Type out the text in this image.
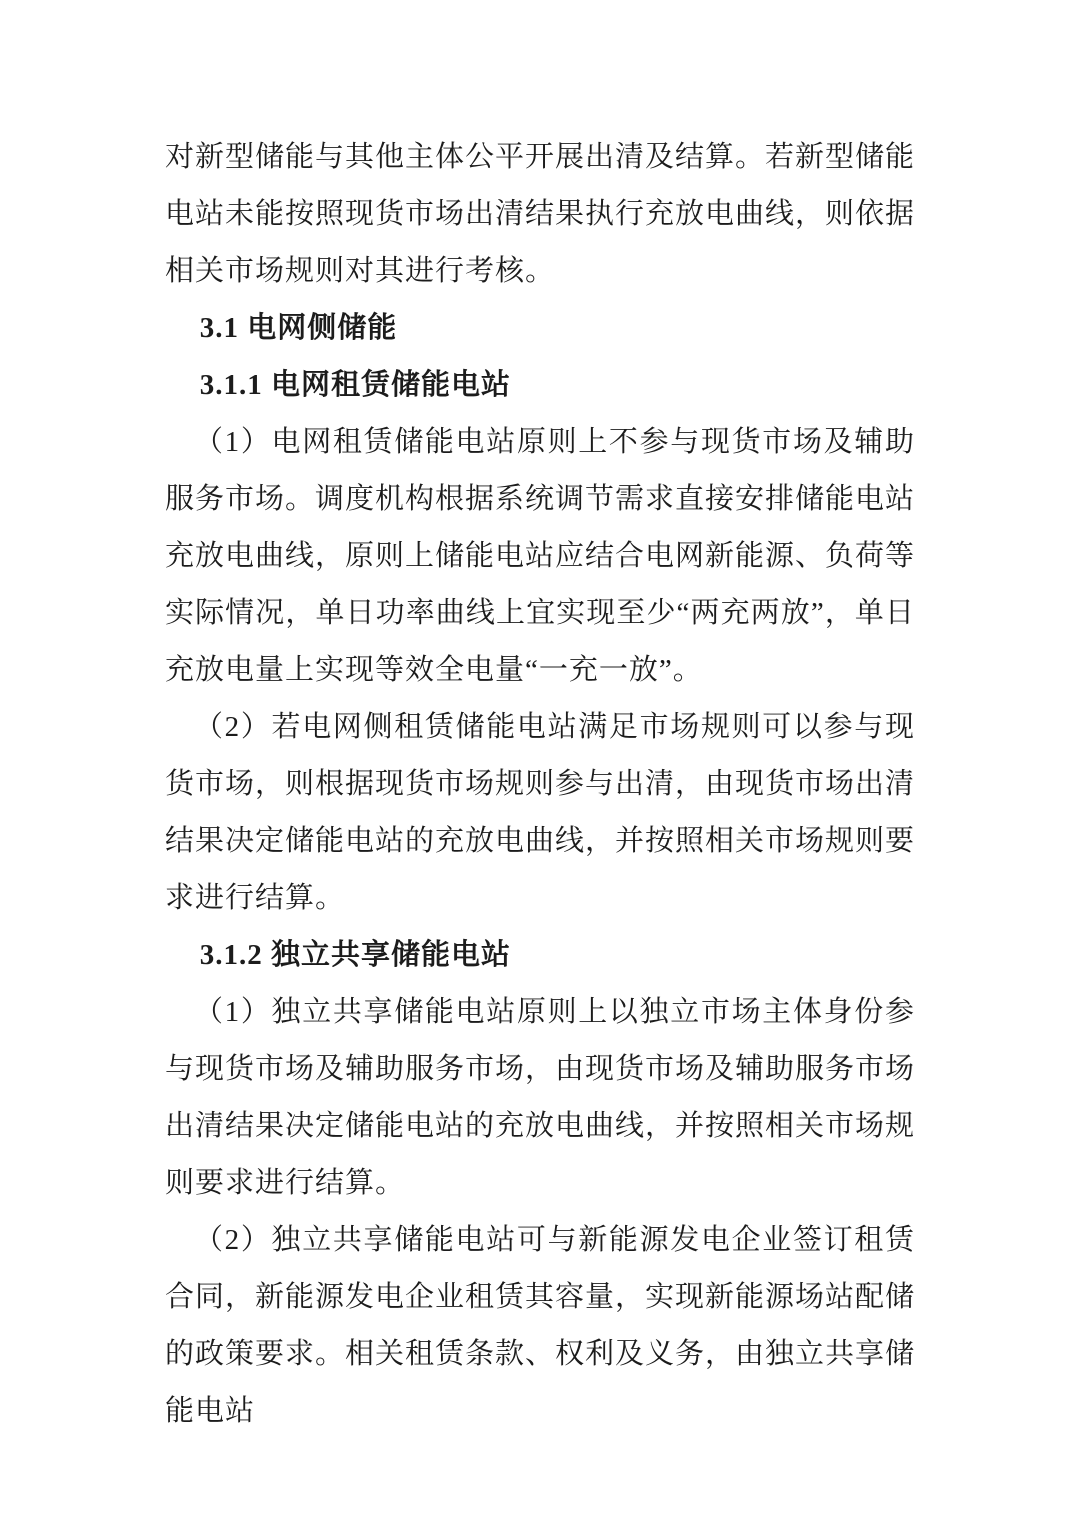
对新型储能与其他主体公平开展出清及结算。若新型储能电站未能按照现货市场出清结果执行充放电曲线，则依据相关市场规则对其进行考核。

3.1 电网侧储能

3.1.1 电网租赁储能电站

（1）电网租赁储能电站原则上不参与现货市场及辅助服务市场。调度机构根据系统调节需求直接安排储能电站充放电曲线，原则上储能电站应结合电网新能源、负荷等实际情况，单日功率曲线上宜实现至少“两充两放”，单日充放电量上实现等效全电量“一充一放”。

（2）若电网侧租赁储能电站满足市场规则可以参与现货市场，则根据现货市场规则参与出清，由现货市场出清结果决定储能电站的充放电曲线，并按照相关市场规则要求进行结算。

3.1.2 独立共享储能电站

（1）独立共享储能电站原则上以独立市场主体身份参与现货市场及辅助服务市场，由现货市场及辅助服务市场出清结果决定储能电站的充放电曲线，并按照相关市场规则要求进行结算。

（2）独立共享储能电站可与新能源发电企业签订租赁合同，新能源发电企业租赁其容量，实现新能源场站配储的政策要求。相关租赁条款、权利及义务，由独立共享储能电站
